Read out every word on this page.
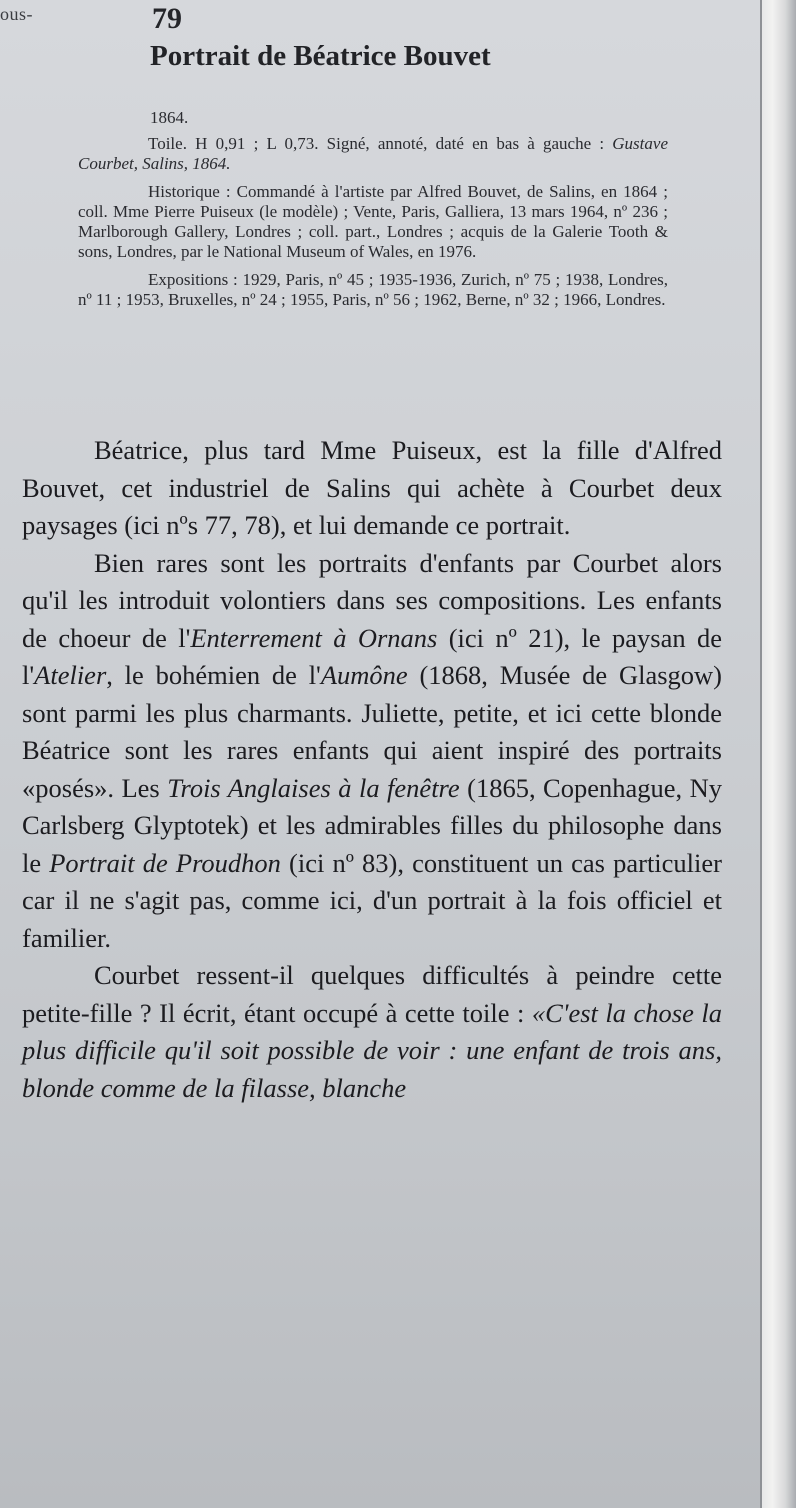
ous-	79
Portrait de Béatrice Bouvet

1864.

Toile. H 0,91 ; L 0,73. Signé, annoté, daté en bas à gauche : Gustave Courbet, Salins, 1864.

Historique : Commandé à l'artiste par Alfred Bouvet, de Salins, en 1864 ; coll. Mme Pierre Puiseux (le modèle) ; Vente, Paris, Galliera, 13 mars 1964, nº 236 ; Marlborough Gallery, Londres ; coll. part., Londres ; acquis de la Galerie Tooth & sons, Londres, par le National Museum of Wales, en 1976.

Expositions : 1929, Paris, nº 45 ; 1935-1936, Zurich, nº 75 ; 1938, Londres, nº 11 ; 1953, Bruxelles, nº 24 ; 1955, Paris, nº 56 ; 1962, Berne, nº 32 ; 1966, Londres.

Béatrice, plus tard Mme Puiseux, est la fille d'Alfred Bouvet, cet industriel de Salins qui achète à Courbet deux paysages (ici nºs 77, 78), et lui demande ce portrait.

Bien rares sont les portraits d'enfants par Courbet alors qu'il les introduit volontiers dans ses compositions. Les enfants de choeur de l'Enterrement à Ornans (ici nº 21), le paysan de l'Atelier, le bohémien de l'Aumône (1868, Musée de Glasgow) sont parmi les plus charmants. Juliette, petite, et ici cette blonde Béatrice sont les rares enfants qui aient inspiré des portraits «posés». Les Trois Anglaises à la fenêtre (1865, Copenhague, Ny Carlsberg Glyptotek) et les admirables filles du philosophe dans le Portrait de Proudhon (ici nº 83), constituent un cas particulier car il ne s'agit pas, comme ici, d'un portrait à la fois officiel et familier.

Courbet ressent-il quelques difficultés à peindre cette petite-fille ? Il écrit, étant occupé à cette toile : «C'est la chose la plus difficile qu'il soit possible de voir : une enfant de trois ans, blonde comme de la filasse, blanche
